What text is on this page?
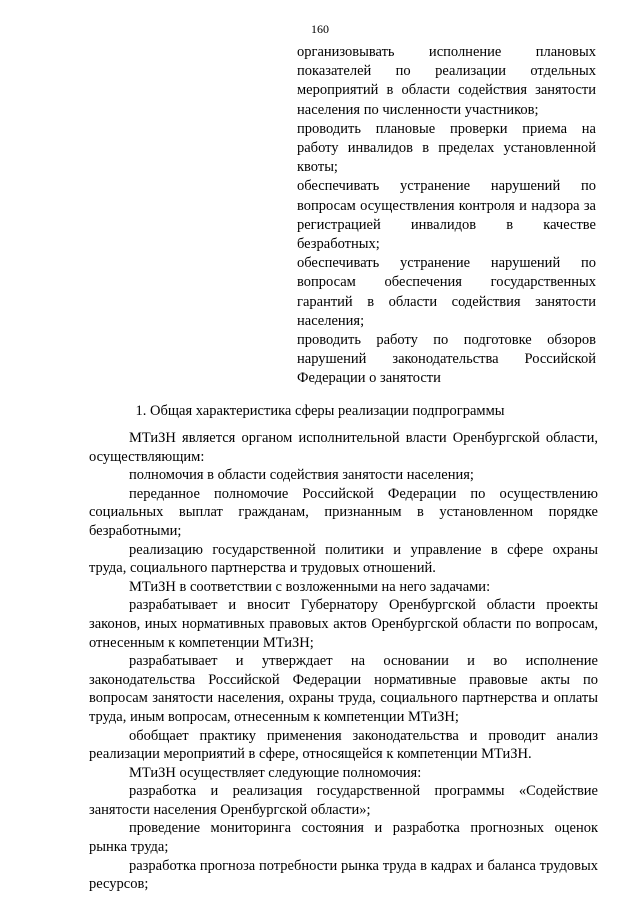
160

организовывать исполнение плановых показателей по реализации отдельных мероприятий в области содействия занятости населения по численности участников;

проводить плановые проверки приема на работу инвалидов в пределах установленной квоты;

обеспечивать устранение нарушений по вопросам осуществления контроля и надзора за регистрацией инвалидов в качестве безработных;

обеспечивать устранение нарушений по вопросам обеспечения государственных гарантий в области содействия занятости населения;

проводить работу по подготовке обзоров нарушений законодательства Российской Федерации о занятости

1. Общая характеристика сферы реализации подпрограммы

МТиЗН является органом исполнительной власти Оренбургской области, осуществляющим:

полномочия в области содействия занятости населения;

переданное полномочие Российской Федерации по осуществлению социальных выплат гражданам, признанным в установленном порядке безработными;

реализацию государственной политики и управление в сфере охраны труда, социального партнерства и трудовых отношений.

МТиЗН в соответствии с возложенными на него задачами:

разрабатывает и вносит Губернатору Оренбургской области проекты законов, иных нормативных правовых актов Оренбургской области по вопросам, отнесенным к компетенции МТиЗН;

разрабатывает и утверждает на основании и во исполнение законодательства Российской Федерации нормативные правовые акты по вопросам занятости населения, охраны труда, социального партнерства и оплаты труда, иным вопросам, отнесенным к компетенции МТиЗН;

обобщает практику применения законодательства и проводит анализ реализации мероприятий в сфере, относящейся к компетенции МТиЗН.

МТиЗН осуществляет следующие полномочия:

разработка и реализация государственной программы «Содействие занятости населения Оренбургской области»;

проведение мониторинга состояния и разработка прогнозных оценок рынка труда;

разработка прогноза потребности рынка труда в кадрах и баланса трудовых ресурсов;
